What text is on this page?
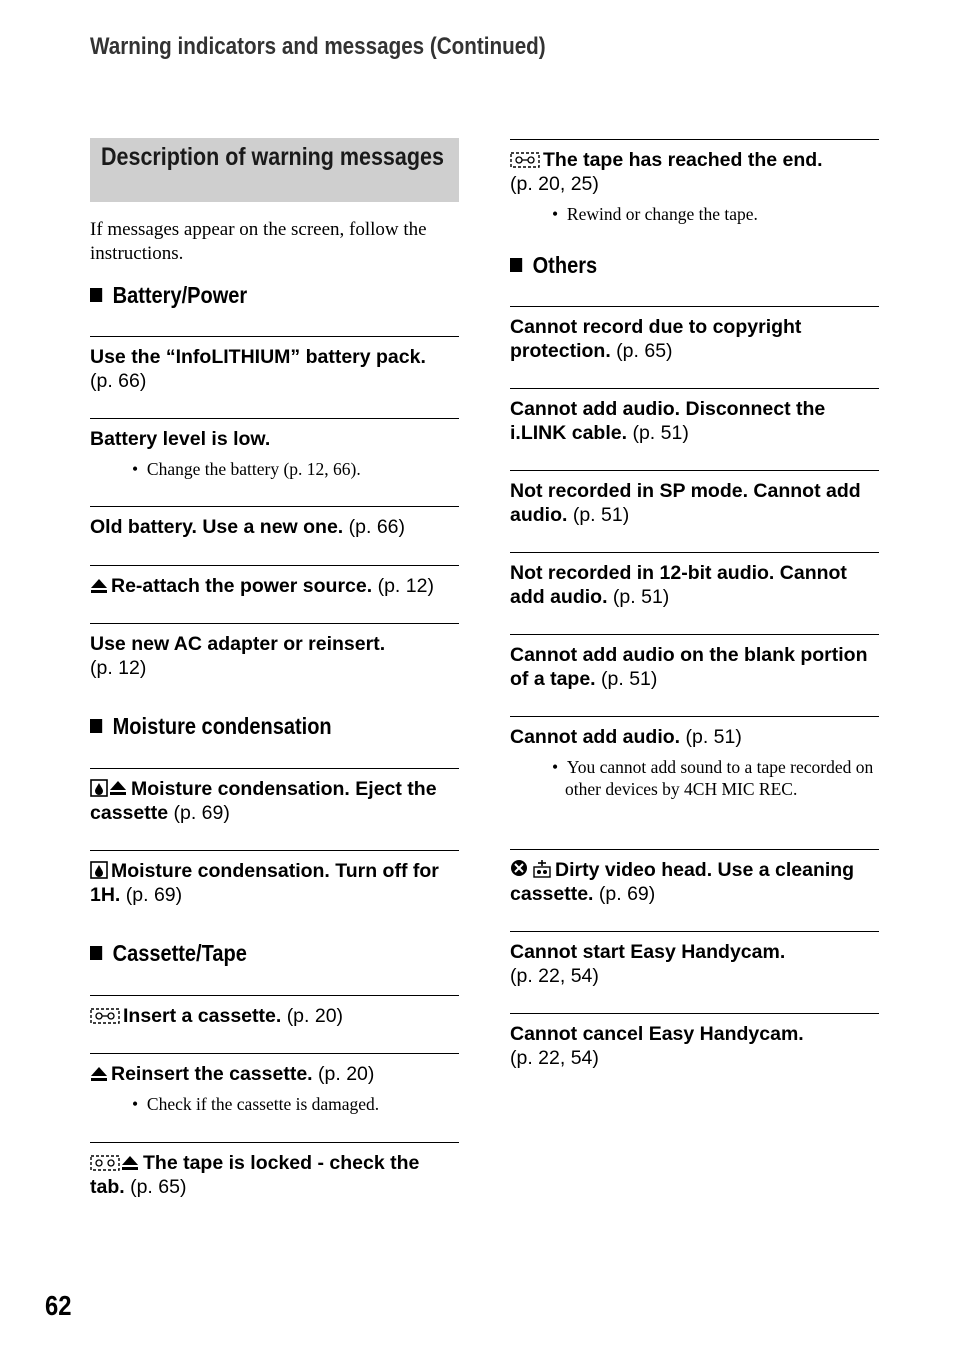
Warning indicators and messages (Continued)
Description of warning messages
If messages appear on the screen, follow the instructions.
Battery/Power
Use the “InfoLITHIUM” battery pack.
(p. 66)
Battery level is low.
•  Change the battery (p. 12, 66).
Old battery. Use a new one. (p. 66)
Re-attach the power source. (p. 12)
Use new AC adapter or reinsert.
(p. 12)
Moisture condensation
Moisture condensation. Eject the cassette (p. 69)
Moisture condensation. Turn off for 1H. (p. 69)
Cassette/Tape
Insert a cassette. (p. 20)
Reinsert the cassette. (p. 20)
•  Check if the cassette is damaged.
The tape is locked - check the tab. (p. 65)
The tape has reached the end.
(p. 20, 25)
•  Rewind or change the tape.
Others
Cannot record due to copyright protection. (p. 65)
Cannot add audio. Disconnect the i.LINK cable. (p. 51)
Not recorded in SP mode. Cannot add audio. (p. 51)
Not recorded in 12-bit audio. Cannot add audio. (p. 51)
Cannot add audio on the blank portion of a tape. (p. 51)
Cannot add audio. (p. 51)
•  You cannot add sound to a tape recorded on other devices by 4CH MIC REC.
Dirty video head. Use a cleaning cassette. (p. 69)
Cannot start Easy Handycam.
(p. 22, 54)
Cannot cancel Easy Handycam.
(p. 22, 54)
62
